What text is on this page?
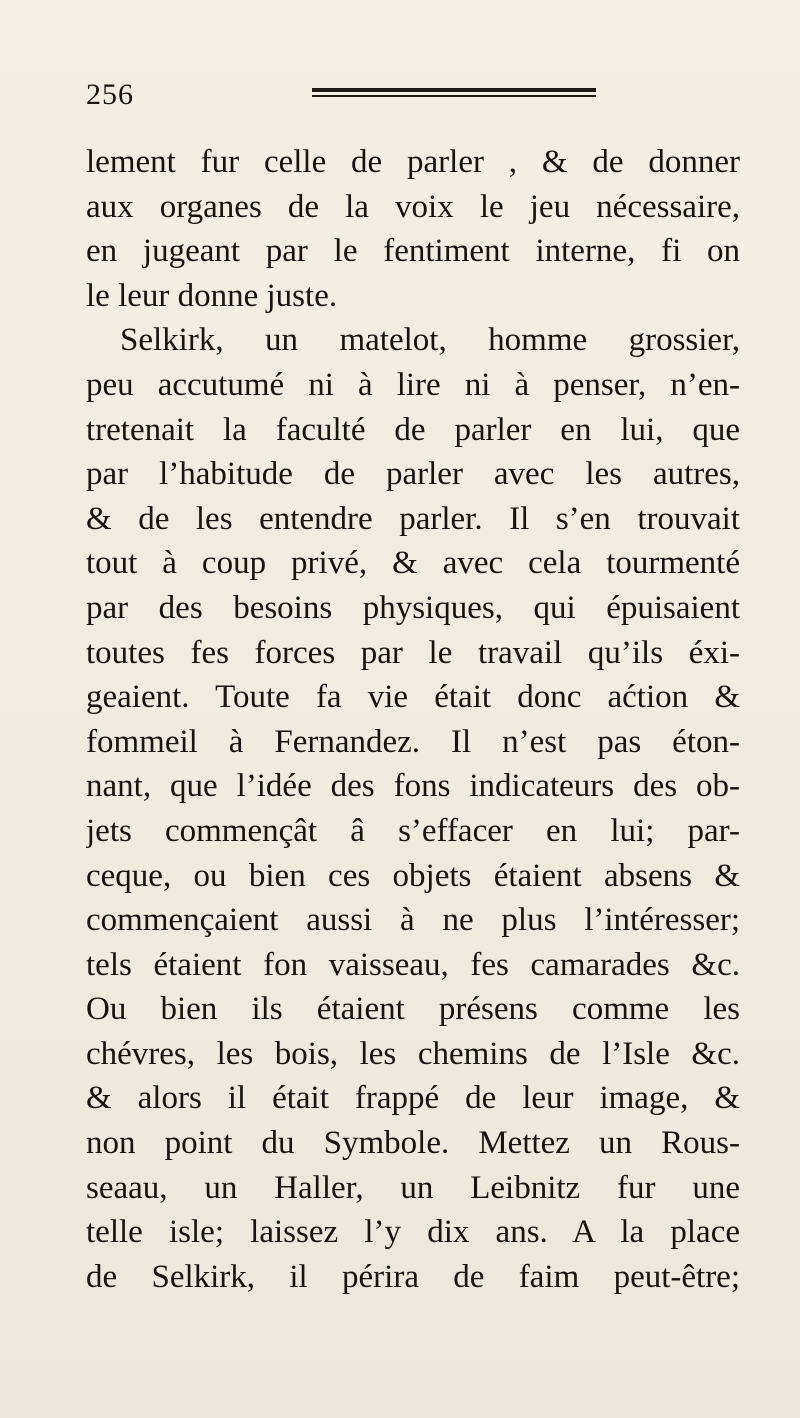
256
lement fur celle de parler , & de donner
aux organes de la voix le jeu nécessaire,
en jugeant par le fentiment interne, fi on
le leur donne juste.
Selkirk, un matelot, homme grossier,
peu accutumé ni à lire ni à penser, n’en-
tretenait la faculté de parler en lui, que
par l’habitude de parler avec les autres,
& de les entendre parler. Il s’en trouvait
tout à coup privé, & avec cela tourmenté
par des besoins physiques, qui épuisaient
toutes fes forces par le travail qu’ils éxi-
geaient. Toute fa vie était donc aćtion &
fommeil à Fernandez. Il n’est pas éton-
nant, que l’idée des fons indicateurs des ob-
jets commençât â s’effacer en lui; par-
ceque, ou bien ces objets étaient absens &
commençaient aussi à ne plus l’intéresser;
tels étaient fon vaisseau, fes camarades &c.
Ou bien ils étaient présens comme les
chévres, les bois, les chemins de l’Isle &c.
& alors il était frappé de leur image, &
non point du Symbole. Mettez un Rous-
seaau, un Haller, un Leibnitz fur une
telle isle; laissez l’y dix ans. A la place
de Selkirk, il périra de faim peut-être;
